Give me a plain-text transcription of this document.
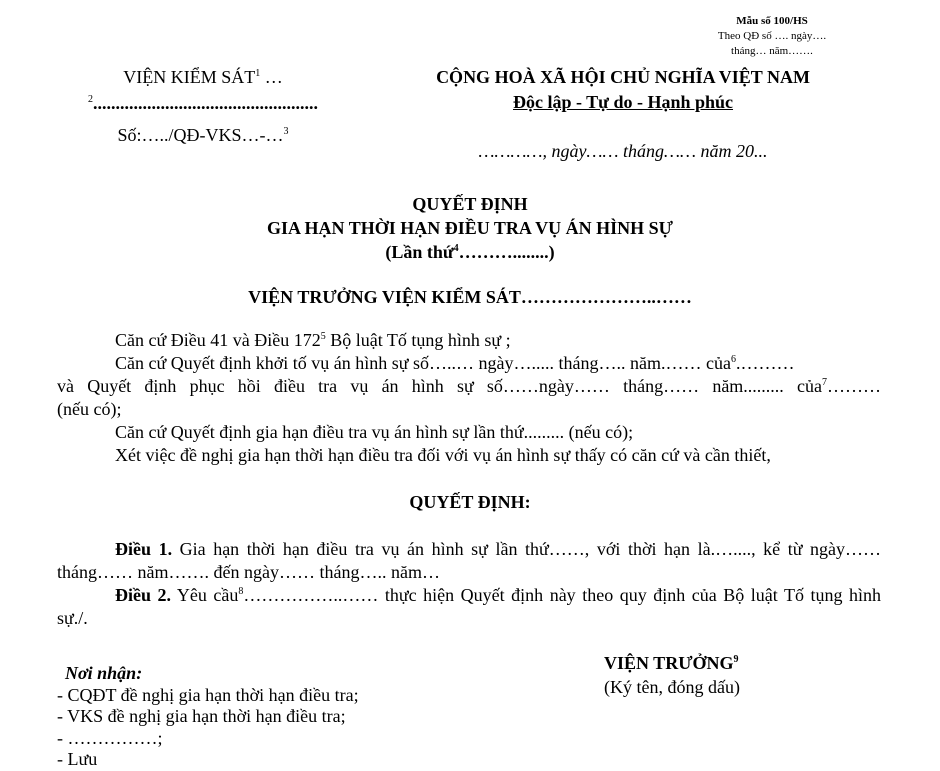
Mẫu số 100/HS
Theo QĐ số …. ngày….
tháng… năm…….
VIỆN KIỂM SÁT$^1$ …
$^2$..................................................
Số:…../QĐ-VKS…-…$^3$
CỘNG HOÀ XÃ HỘI CHỦ NGHĨA VIỆT NAM
Độc lập - Tự do - Hạnh phúc
…………, ngày…… tháng…… năm 20...
QUYẾT ĐỊNH
GIA HẠN THỜI HẠN ĐIỀU TRA VỤ ÁN HÌNH SỰ
(Lần thứ$^4$………........)
VIỆN TRƯỞNG VIỆN KIỂM SÁT…………………..……

Căn cứ Điều 41 và Điều $172^5$ Bộ luật Tố tụng hình sự ;

Căn cứ Quyết định khởi tố vụ án hình sự số…..… ngày…..... tháng….. năm.…… của$^6$.………

và Quyết định phục hồi điều tra vụ án hình sự số……ngày…… tháng…… năm......... của$^7$………

(nếu có);

Căn cứ Quyết định gia hạn điều tra vụ án hình sự lần thứ......... (nếu có);

Xét việc đề nghị gia hạn thời hạn điều tra đối với vụ án hình sự thấy có căn cứ và cần thiết,

QUYẾT ĐỊNH:

Điều 1. Gia hạn thời hạn điều tra vụ án hình sự lần thứ……, với thời hạn là.…...., kể từ ngày…… tháng…… năm……. đến ngày…… tháng….. năm…

Điều 2. Yêu cầu$^8$……………..…… thực hiện Quyết định này theo quy định của Bộ luật Tố tụng hình sự./.

VIỆN TRƯỞNG$^9$
(Ký tên, đóng dấu)
Nơi nhận:
- CQĐT đề nghị gia hạn thời hạn điều tra;
- VKS đề nghị gia hạn thời hạn điều tra;
- ……………;
- Lưu
